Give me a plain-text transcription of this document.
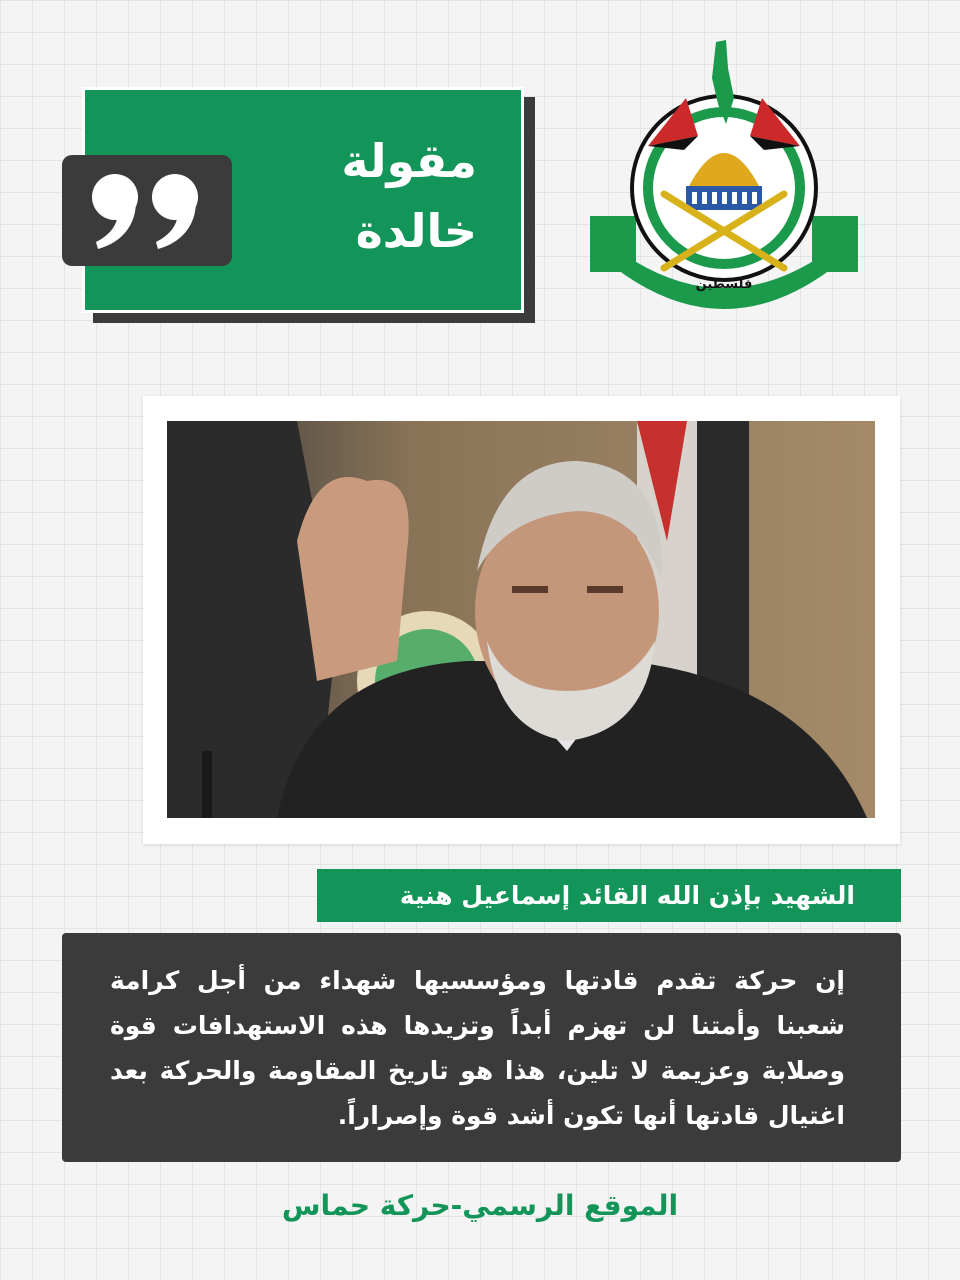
مقولة
خالدة
فلسطين
الشهيد بإذن الله القائد إسماعيل هنية

إن حركة تقدم قادتها ومؤسسيها شهداء من أجل كرامة شعبنا وأمتنا لن تهزم أبداً وتزيدها هذه الاستهدافات قوة وصلابة وعزيمة لا تلين، هذا هو تاريخ المقاومة والحركة بعد اغتيال قادتها أنها تكون أشد قوة وإصراراً.

الموقع الرسمي-حركة حماس
